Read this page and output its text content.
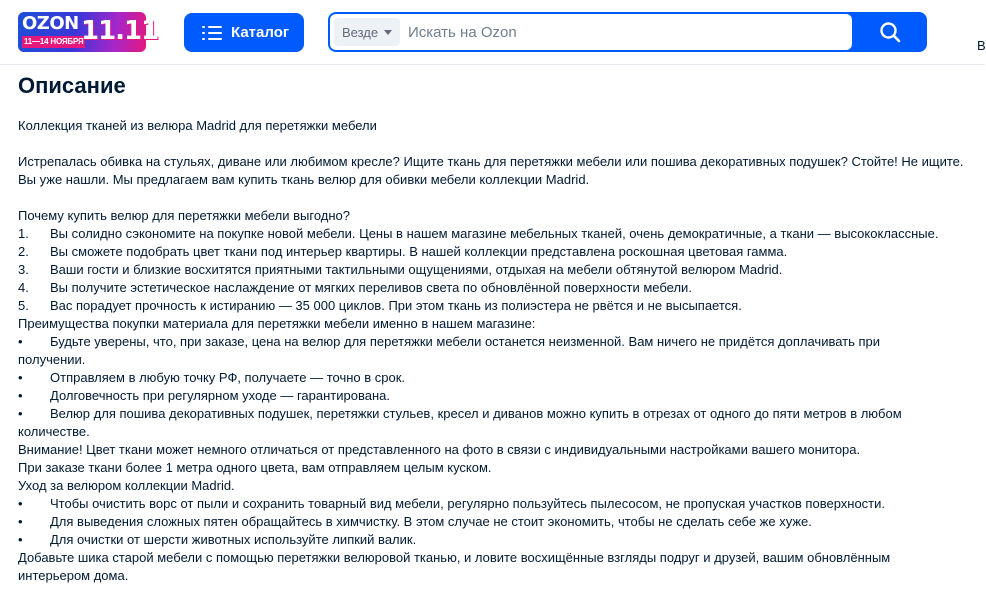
OZON
11—14 НОЯБРЯ
11.11	Каталог	Везде
Искать на Ozon
В
Описание

Коллекция тканей из велюра Madrid для перетяжки мебели

Истрепалась обивка на стульях, диване или любимом кресле? Ищите ткань для перетяжки мебели или пошива декоративных подушек? Стойте! Не ищите. Вы уже нашли. Мы предлагаем вам купить ткань велюр для обивки мебели коллекции Madrid.

Почему купить велюр для перетяжки мебели выгодно?

1.	Вы солидно сэкономите на покупке новой мебели. Цены в нашем магазине мебельных тканей, очень демократичные, а ткани — высококлассные.
2.	Вы сможете подобрать цвет ткани под интерьер квартиры. В нашей коллекции представлена роскошная цветовая гамма.
3.	Ваши гости и близкие восхитятся приятными тактильными ощущениями, отдыхая на мебели обтянутой велюром Madrid.
4.	Вы получите эстетическое наслаждение от мягких переливов света по обновлённой поверхности мебели.
5.	Вас порадует прочность к истиранию — 35 000 циклов. При этом ткань из полиэстера не рвётся и не высыпается.

Преимущества покупки материала для перетяжки мебели именно в нашем магазине:

•	Будьте уверены, что, при заказе, цена на велюр для перетяжки мебели останется неизменной. Вам ничего не придётся доплачивать при
получении.
•	Отправляем в любую точку РФ, получаете — точно в срок.
•	Долговечность при регулярном уходе — гарантирована.
•	Велюр для пошива декоративных подушек, перетяжки стульев, кресел и диванов можно купить в отрезах от одного до пяти метров в любом
количестве.

Внимание! Цвет ткани может немного отличаться от представленного на фото в связи с индивидуальными настройками вашего монитора.

При заказе ткани более 1 метра одного цвета, вам отправляем целым куском.

Уход за велюром коллекции Madrid.

•	Чтобы очистить ворс от пыли и сохранить товарный вид мебели, регулярно пользуйтесь пылесосом, не пропуская участков поверхности.
•	Для выведения сложных пятен обращайтесь в химчистку. В этом случае не стоит экономить, чтобы не сделать себе же хуже.
•	Для очистки от шерсти животных используйте липкий валик.

Добавьте шика старой мебели с помощью перетяжки велюровой тканью, и ловите восхищённые взгляды подруг и друзей, вашим обновлённым

интерьером дома.
